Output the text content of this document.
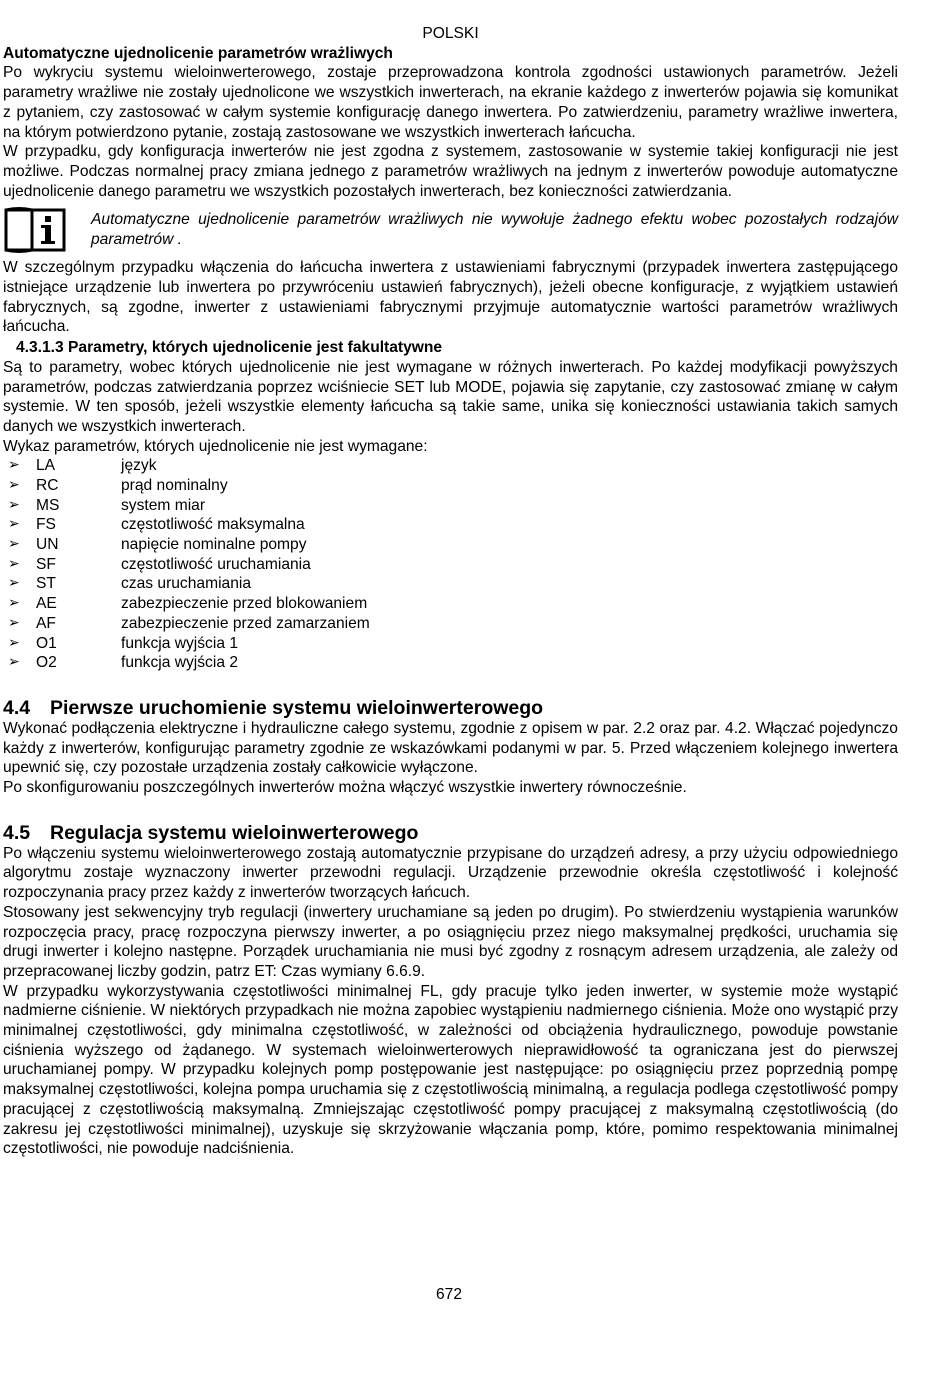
POLSKI
Automatyczne ujednolicenie parametrów wrażliwych

Po wykryciu systemu wieloinwerterowego, zostaje przeprowadzona kontrola zgodności ustawionych parametrów. Jeżeli parametry wrażliwe nie zostały ujednolicone we wszystkich inwerterach, na ekranie każdego z inwerterów pojawia się komunikat z pytaniem, czy zastosować w całym systemie konfigurację danego inwertera. Po zatwierdzeniu, parametry wrażliwe inwertera, na którym potwierdzono pytanie, zostają zastosowane we wszystkich inwerterach łańcucha.

W przypadku, gdy konfiguracja inwerterów nie jest zgodna z systemem, zastosowanie w systemie takiej konfiguracji nie jest możliwe. Podczas normalnej pracy zmiana jednego z parametrów wrażliwych na jednym z inwerterów powoduje automatyczne ujednolicenie danego parametru we wszystkich pozostałych inwerterach, bez konieczności zatwierdzania.

Automatyczne ujednolicenie parametrów wrażliwych nie wywołuje żadnego efektu wobec pozostałych rodzajów parametrów .

W szczególnym przypadku włączenia do łańcucha inwertera z ustawieniami fabrycznymi (przypadek inwertera zastępującego istniejące urządzenie lub inwertera po przywróceniu ustawień fabrycznych), jeżeli obecne konfiguracje, z wyjątkiem ustawień fabrycznych, są zgodne, inwerter z ustawieniami fabrycznymi przyjmuje automatycznie wartości parametrów wrażliwych łańcucha.

4.3.1.3 Parametry, których ujednolicenie jest fakultatywne

Są to parametry, wobec których ujednolicenie nie jest wymagane w różnych inwerterach. Po każdej modyfikacji powyższych parametrów, podczas zatwierdzania poprzez wciśniecie SET lub MODE, pojawia się zapytanie, czy zastosować zmianę w całym systemie. W ten sposób, jeżeli wszystkie elementy łańcucha są takie same, unika się konieczności ustawiania takich samych danych we wszystkich inwerterach.

Wykaz parametrów, których ujednolicenie nie jest wymagane:

➢	LA	język
➢	RC	prąd nominalny
➢	MS	system miar
➢	FS	częstotliwość maksymalna
➢	UN	napięcie nominalne pompy
➢	SF	częstotliwość uruchamiania
➢	ST	czas uruchamiania
➢	AE	zabezpieczenie przed blokowaniem
➢	AF	zabezpieczenie przed zamarzaniem
➢	O1	funkcja wyjścia 1
➢	O2	funkcja wyjścia 2
4.4 Pierwsze uruchomienie systemu wieloinwerterowego

Wykonać podłączenia elektryczne i hydrauliczne całego systemu, zgodnie z opisem w par. 2.2 oraz par. 4.2. Włączać pojedynczo każdy z inwerterów, konfigurując parametry zgodnie ze wskazówkami podanymi w par. 5. Przed włączeniem kolejnego inwertera upewnić się, czy pozostałe urządzenia zostały całkowicie wyłączone.

Po skonfigurowaniu poszczególnych inwerterów można włączyć wszystkie inwertery równocześnie.

4.5 Regulacja systemu wieloinwerterowego

Po włączeniu systemu wieloinwerterowego zostają automatycznie przypisane do urządzeń adresy, a przy użyciu odpowiedniego algorytmu zostaje wyznaczony inwerter przewodni regulacji. Urządzenie przewodnie określa częstotliwość i kolejność rozpoczynania pracy przez każdy z inwerterów tworzących łańcuch.

Stosowany jest sekwencyjny tryb regulacji (inwertery uruchamiane są jeden po drugim). Po stwierdzeniu wystąpienia warunków rozpoczęcia pracy, pracę rozpoczyna pierwszy inwerter, a po osiągnięciu przez niego maksymalnej prędkości, uruchamia się drugi inwerter i kolejno następne. Porządek uruchamiania nie musi być zgodny z rosnącym adresem urządzenia, ale zależy od przepracowanej liczby godzin, patrz ET: Czas wymiany 6.6.9.

W przypadku wykorzystywania częstotliwości minimalnej FL, gdy pracuje tylko jeden inwerter, w systemie może wystąpić nadmierne ciśnienie. W niektórych przypadkach nie można zapobiec wystąpieniu nadmiernego ciśnienia. Może ono wystąpić przy minimalnej częstotliwości, gdy minimalna częstotliwość, w zależności od obciążenia hydraulicznego, powoduje powstanie ciśnienia wyższego od żądanego. W systemach wieloinwerterowych nieprawidłowość ta ograniczana jest do pierwszej uruchamianej pompy. W przypadku kolejnych pomp postępowanie jest następujące: po osiągnięciu przez poprzednią pompę maksymalnej częstotliwości, kolejna pompa uruchamia się z częstotliwością minimalną, a regulacja podlega częstotliwość pompy pracującej z częstotliwością maksymalną. Zmniejszając częstotliwość pompy pracującej z maksymalną częstotliwością (do zakresu jej częstotliwości minimalnej), uzyskuje się skrzyżowanie włączania pomp, które, pomimo respektowania minimalnej częstotliwości, nie powoduje nadciśnienia.

672
